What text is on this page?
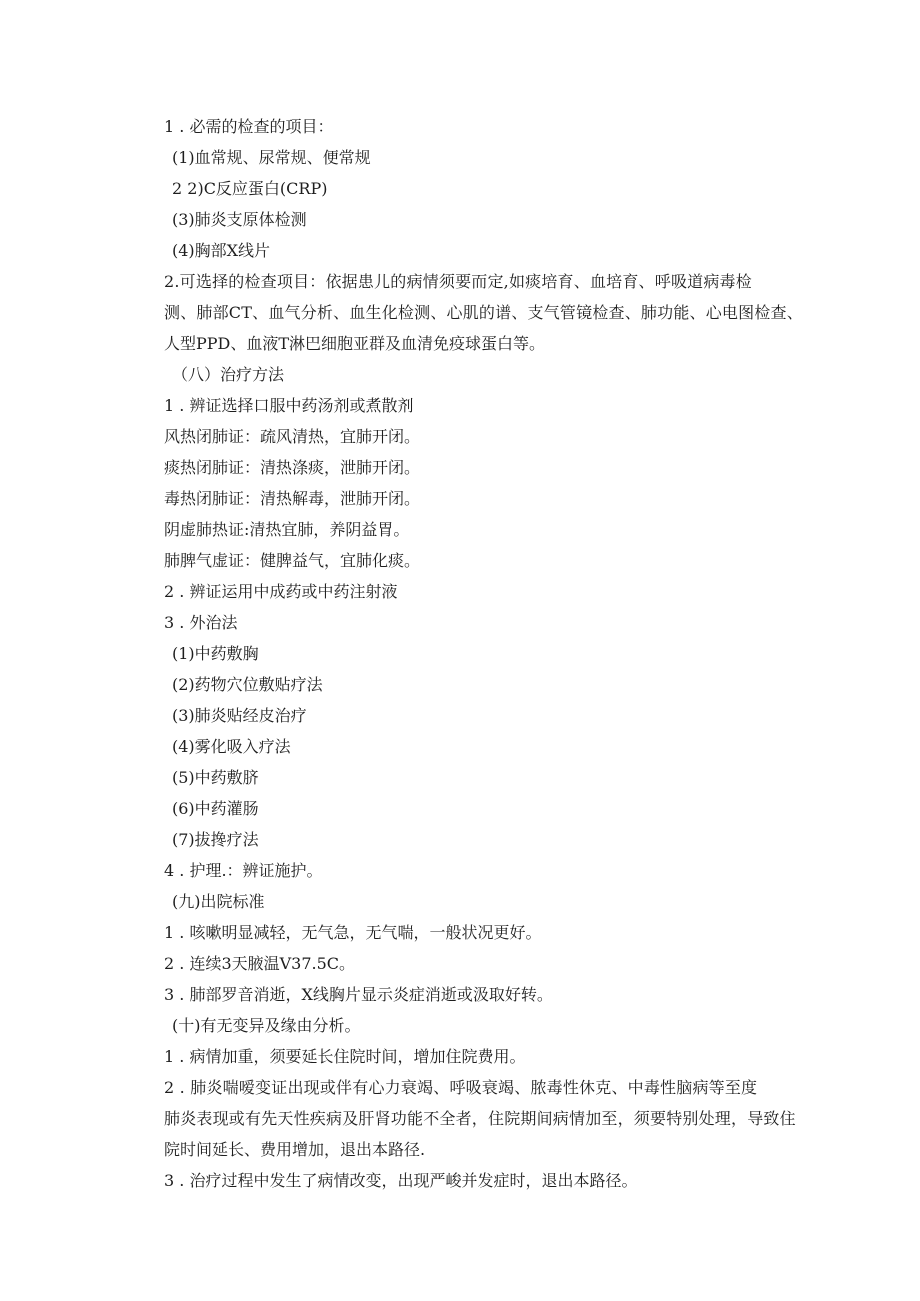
1 . 必需的检查的项目：
(1)血常规、尿常规、便常规
2 2)C反应蛋白(CRP)
(3)肺炎支原体检测
(4)胸部X线片
2.可选择的检查项目：依据患儿的病情须要而定,如痰培育、血培育、呼吸道病毒检
测、肺部CT、血气分析、血生化检测、心肌的谱、支气管镜检查、肺功能、心电图检查、
人型PPD、血液T淋巴细胞亚群及血清免疫球蛋白等。
（八）治疗方法
1 . 辨证选择口服中药汤剂或煮散剂
风热闭肺证：疏风清热，宜肺开闭。
痰热闭肺证：清热涤痰，泄肺开闭。
毒热闭肺证：清热解毒，泄肺开闭。
阴虚肺热证:清热宜肺，养阴益胃。
肺脾气虚证：健脾益气，宜肺化痰。
2 . 辨证运用中成药或中药注射液
3 . 外治法
(1)中药敷胸
(2)药物穴位敷贴疗法
(3)肺炎贴经皮治疗
(4)雾化吸入疗法
(5)中药敷脐
(6)中药灌肠
(7)拔搀疗法
4 . 护理.：辨证施护。
(九)出院标准
1 . 咳嗽明显减轻，无气急，无气喘，一般状况更好。
2 . 连续3天腋温V37.5C。
3 . 肺部罗音消逝，X线胸片显示炎症消逝或汲取好转。
(十)有无变异及缘由分析。
1 . 病情加重，须要延长住院时间，增加住院费用。
2 . 肺炎喘嗳变证出现或伴有心力衰竭、呼吸衰竭、脓毒性休克、中毒性脑病等至度
肺炎表现或有先天性疾病及肝肾功能不全者，住院期间病情加至，须要特别处理，导致住
院时间延长、费用增加，退出本路径.
3 . 治疗过程中发生了病情改变，出现严峻并发症时，退出本路径。
